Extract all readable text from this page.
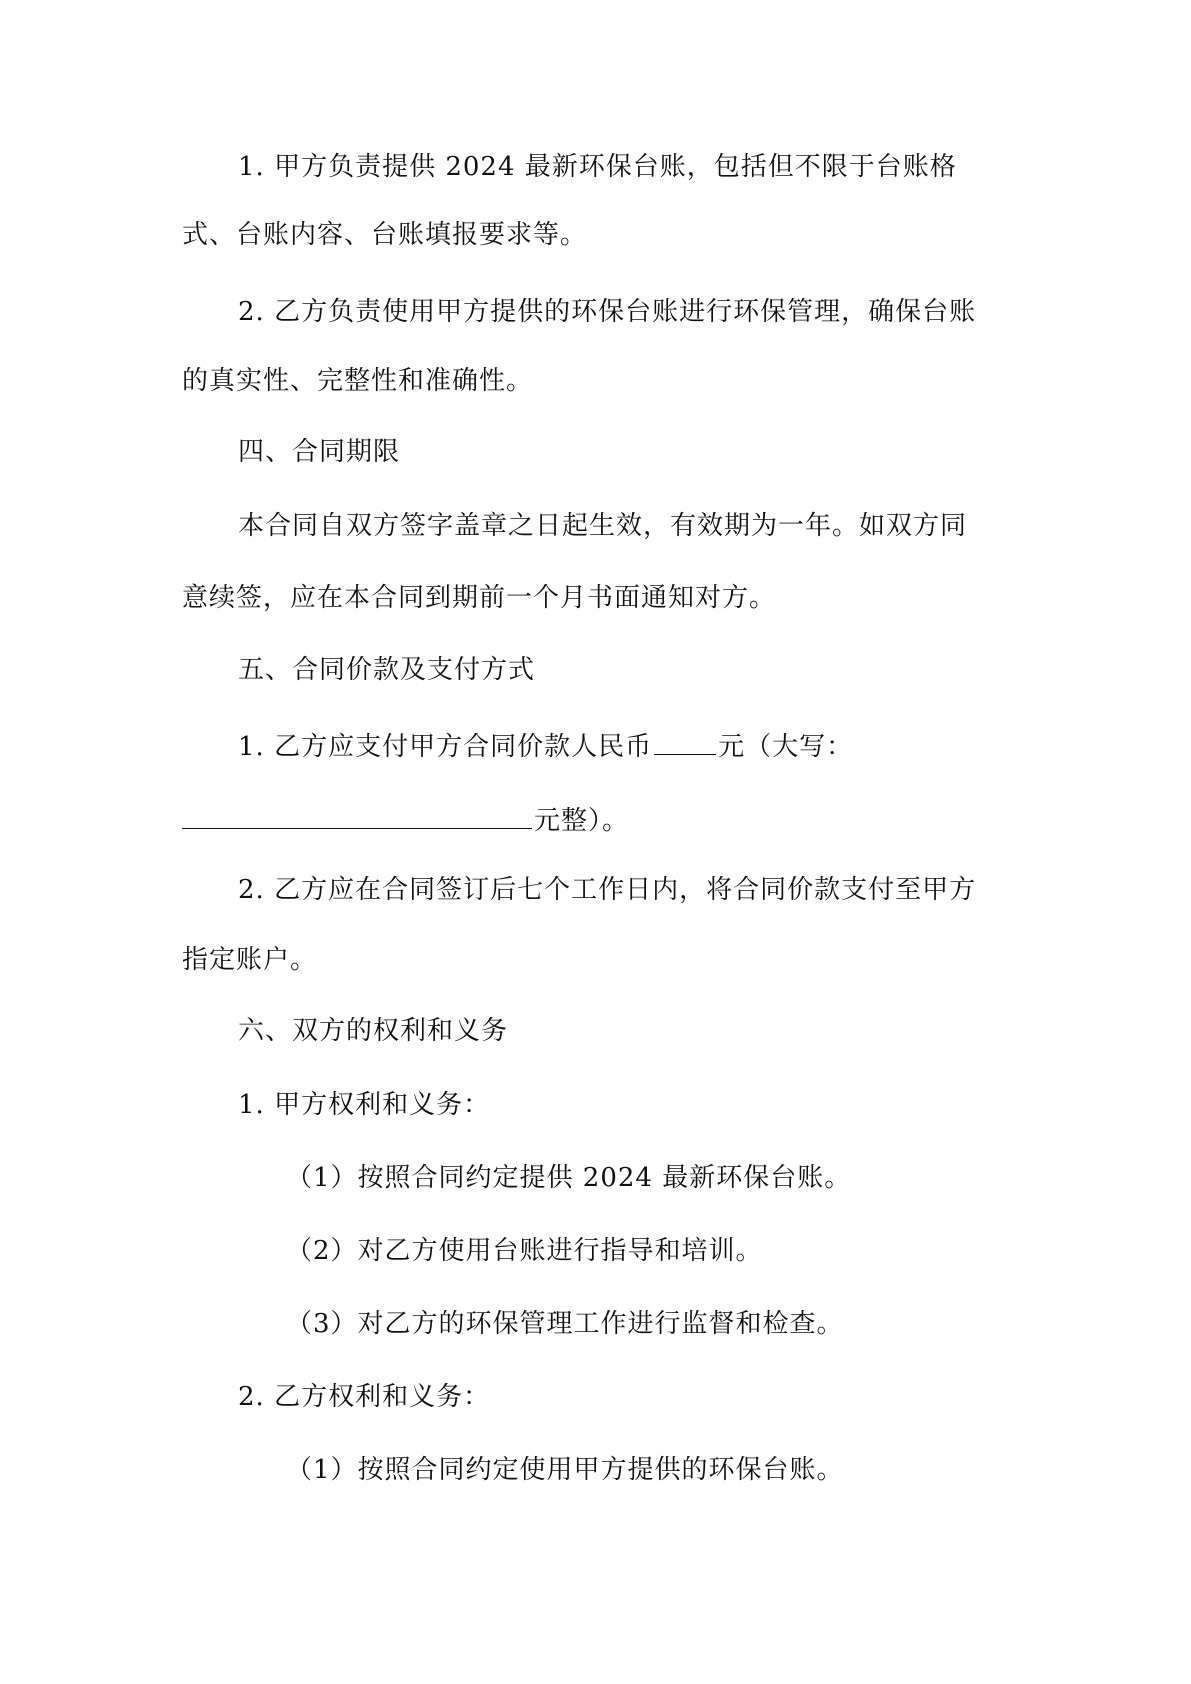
1. 甲方负责提供 2024 最新环保台账，包括但不限于台账格
式、台账内容、台账填报要求等。
2. 乙方负责使用甲方提供的环保台账进行环保管理，确保台账
的真实性、完整性和准确性。
四、合同期限
本合同自双方签字盖章之日起生效，有效期为一年。如双方同
意续签，应在本合同到期前一个月书面通知对方。
五、合同价款及支付方式
1. 乙方应支付甲方合同价款人民币	元（大写：
元整）。
2. 乙方应在合同签订后七个工作日内，将合同价款支付至甲方
指定账户。
六、双方的权利和义务
1. 甲方权利和义务：
（1）按照合同约定提供 2024 最新环保台账。
（2）对乙方使用台账进行指导和培训。
（3）对乙方的环保管理工作进行监督和检查。
2. 乙方权利和义务：
（1）按照合同约定使用甲方提供的环保台账。
